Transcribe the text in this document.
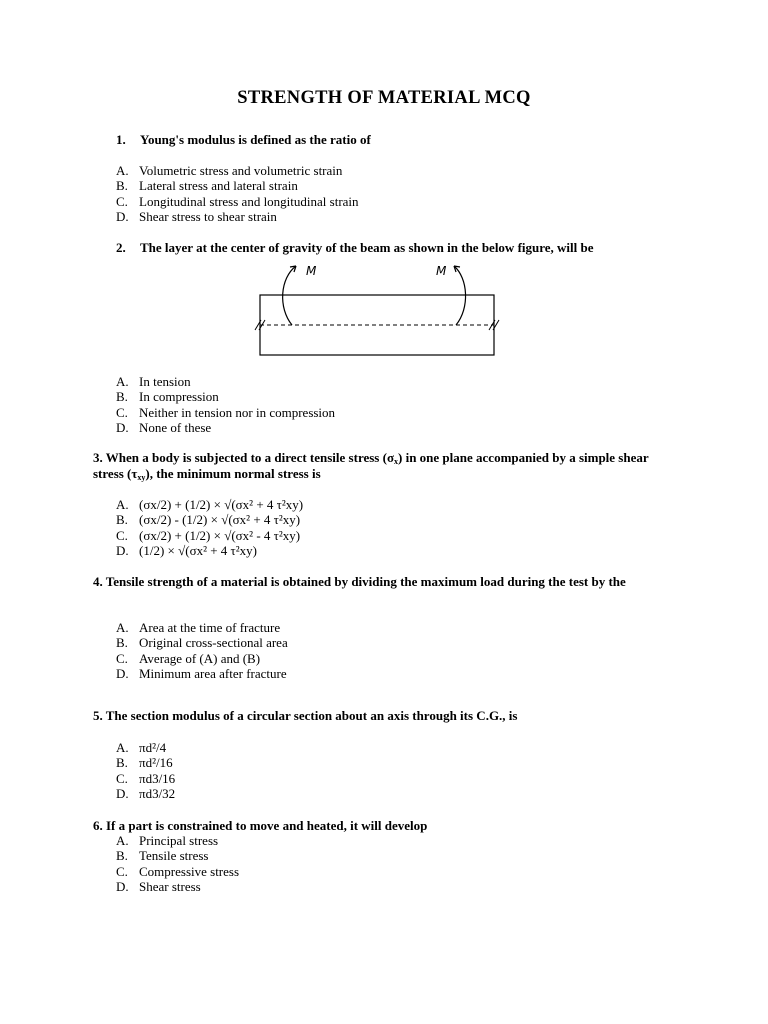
STRENGTH OF MATERIAL MCQ
1. Young's modulus is defined as the ratio of
A. Volumetric stress and volumetric strain
B. Lateral stress and lateral strain
C. Longitudinal stress and longitudinal strain
D. Shear stress to shear strain
2. The layer at the center of gravity of the beam as shown in the below figure, will be
M	M
A. In tension
B. In compression
C. Neither in tension nor in compression
D. None of these
3. When a body is subjected to a direct tensile stress $(\sigma_x)$ in one plane accompanied by a simple shear stress $(\tau_{xy})$, the minimum normal stress is
A. (σx/2) + (1/2) × √(σx² + 4 τ²xy)
B. (σx/2) - (1/2) × √(σx² + 4 τ²xy)
C. (σx/2) + (1/2) × √(σx² - 4 τ²xy)
D. (1/2) × √(σx² + 4 τ²xy)
4. Tensile strength of a material is obtained by dividing the maximum load during the test by the
A. Area at the time of fracture
B. Original cross-sectional area
C. Average of (A) and (B)
D. Minimum area after fracture
5. The section modulus of a circular section about an axis through its C.G., is
A. πd²/4
B. πd²/16
C. πd3/16
D. πd3/32
6. If a part is constrained to move and heated, it will develop
A. Principal stress
B. Tensile stress
C. Compressive stress
D. Shear stress
